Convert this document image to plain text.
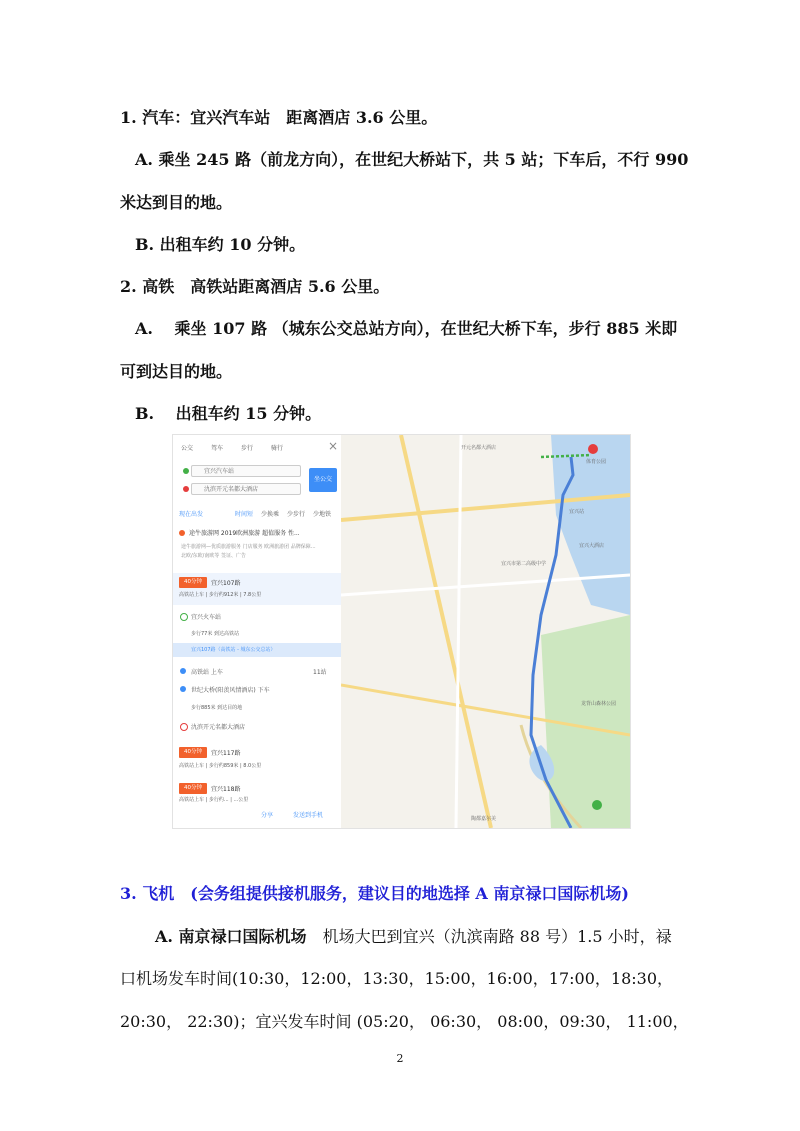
1. 汽车：宜兴汽车站　距离酒店 3.6 公里。
A. 乘坐 245 路（前龙方向），在世纪大桥站下，共 5 站；下车后，不行 990
米达到目的地。
B. 出租车约 10 分钟。
2. 高铁　高铁站距离酒店 5.6 公里。
A.　 乘坐 107 路 （城东公交总站方向），在世纪大桥下车，步行 885 米即
可到达目的地。
B.　 出租车约 15 分钟。
公交	驾车	步行	骑行	×
宜兴汽车站
氿滨开元名都大酒店
坐公交
现在出发	时间短 少换乘 少步行 少地铁
途牛旅游网 2019欧洲旅游 超值服务 性...
途牛旅游网—优质旅游服务 门店服务 欧洲旅游团 品牌保障...
北欧/东欧/南欧等 签证、广告
40分钟	宜兴107路
高铁站上车 | 步行约912米 | 7.8公里
宜兴火车站
步行77米 到达高铁站
宜兴107路（高铁站 - 城东公交总站）
高铁站 上车	11站
世纪大桥(阳羡风情酒店) 下车
步行885米 到达目的地
氿滨开元名都大酒店
40分钟	宜兴117路
高铁站上车 | 步行约859米 | 8.0公里
40分钟	宜兴118路
高铁站上车 | 步行约... | ...公里
分享	发送到手机
开元名都大酒店
体育公园
宜兴站
龙背山森林公园
陶都嘉尔美
宜兴大酒店
宜兴市第二高级中学
3. 飞机　(会务组提供接机服务，建议目的地选择 A 南京禄口国际机场)
A. 南京禄口国际机场　机场大巴到宜兴（氿滨南路 88 号）1.5 小时，禄
口机场发车时间(10:30，12:00，13:30，15:00，16:00，17:00，18:30，
20:30， 22:30)；宜兴发车时间 (05:20， 06:30， 08:00，09:30， 11:00，
2
